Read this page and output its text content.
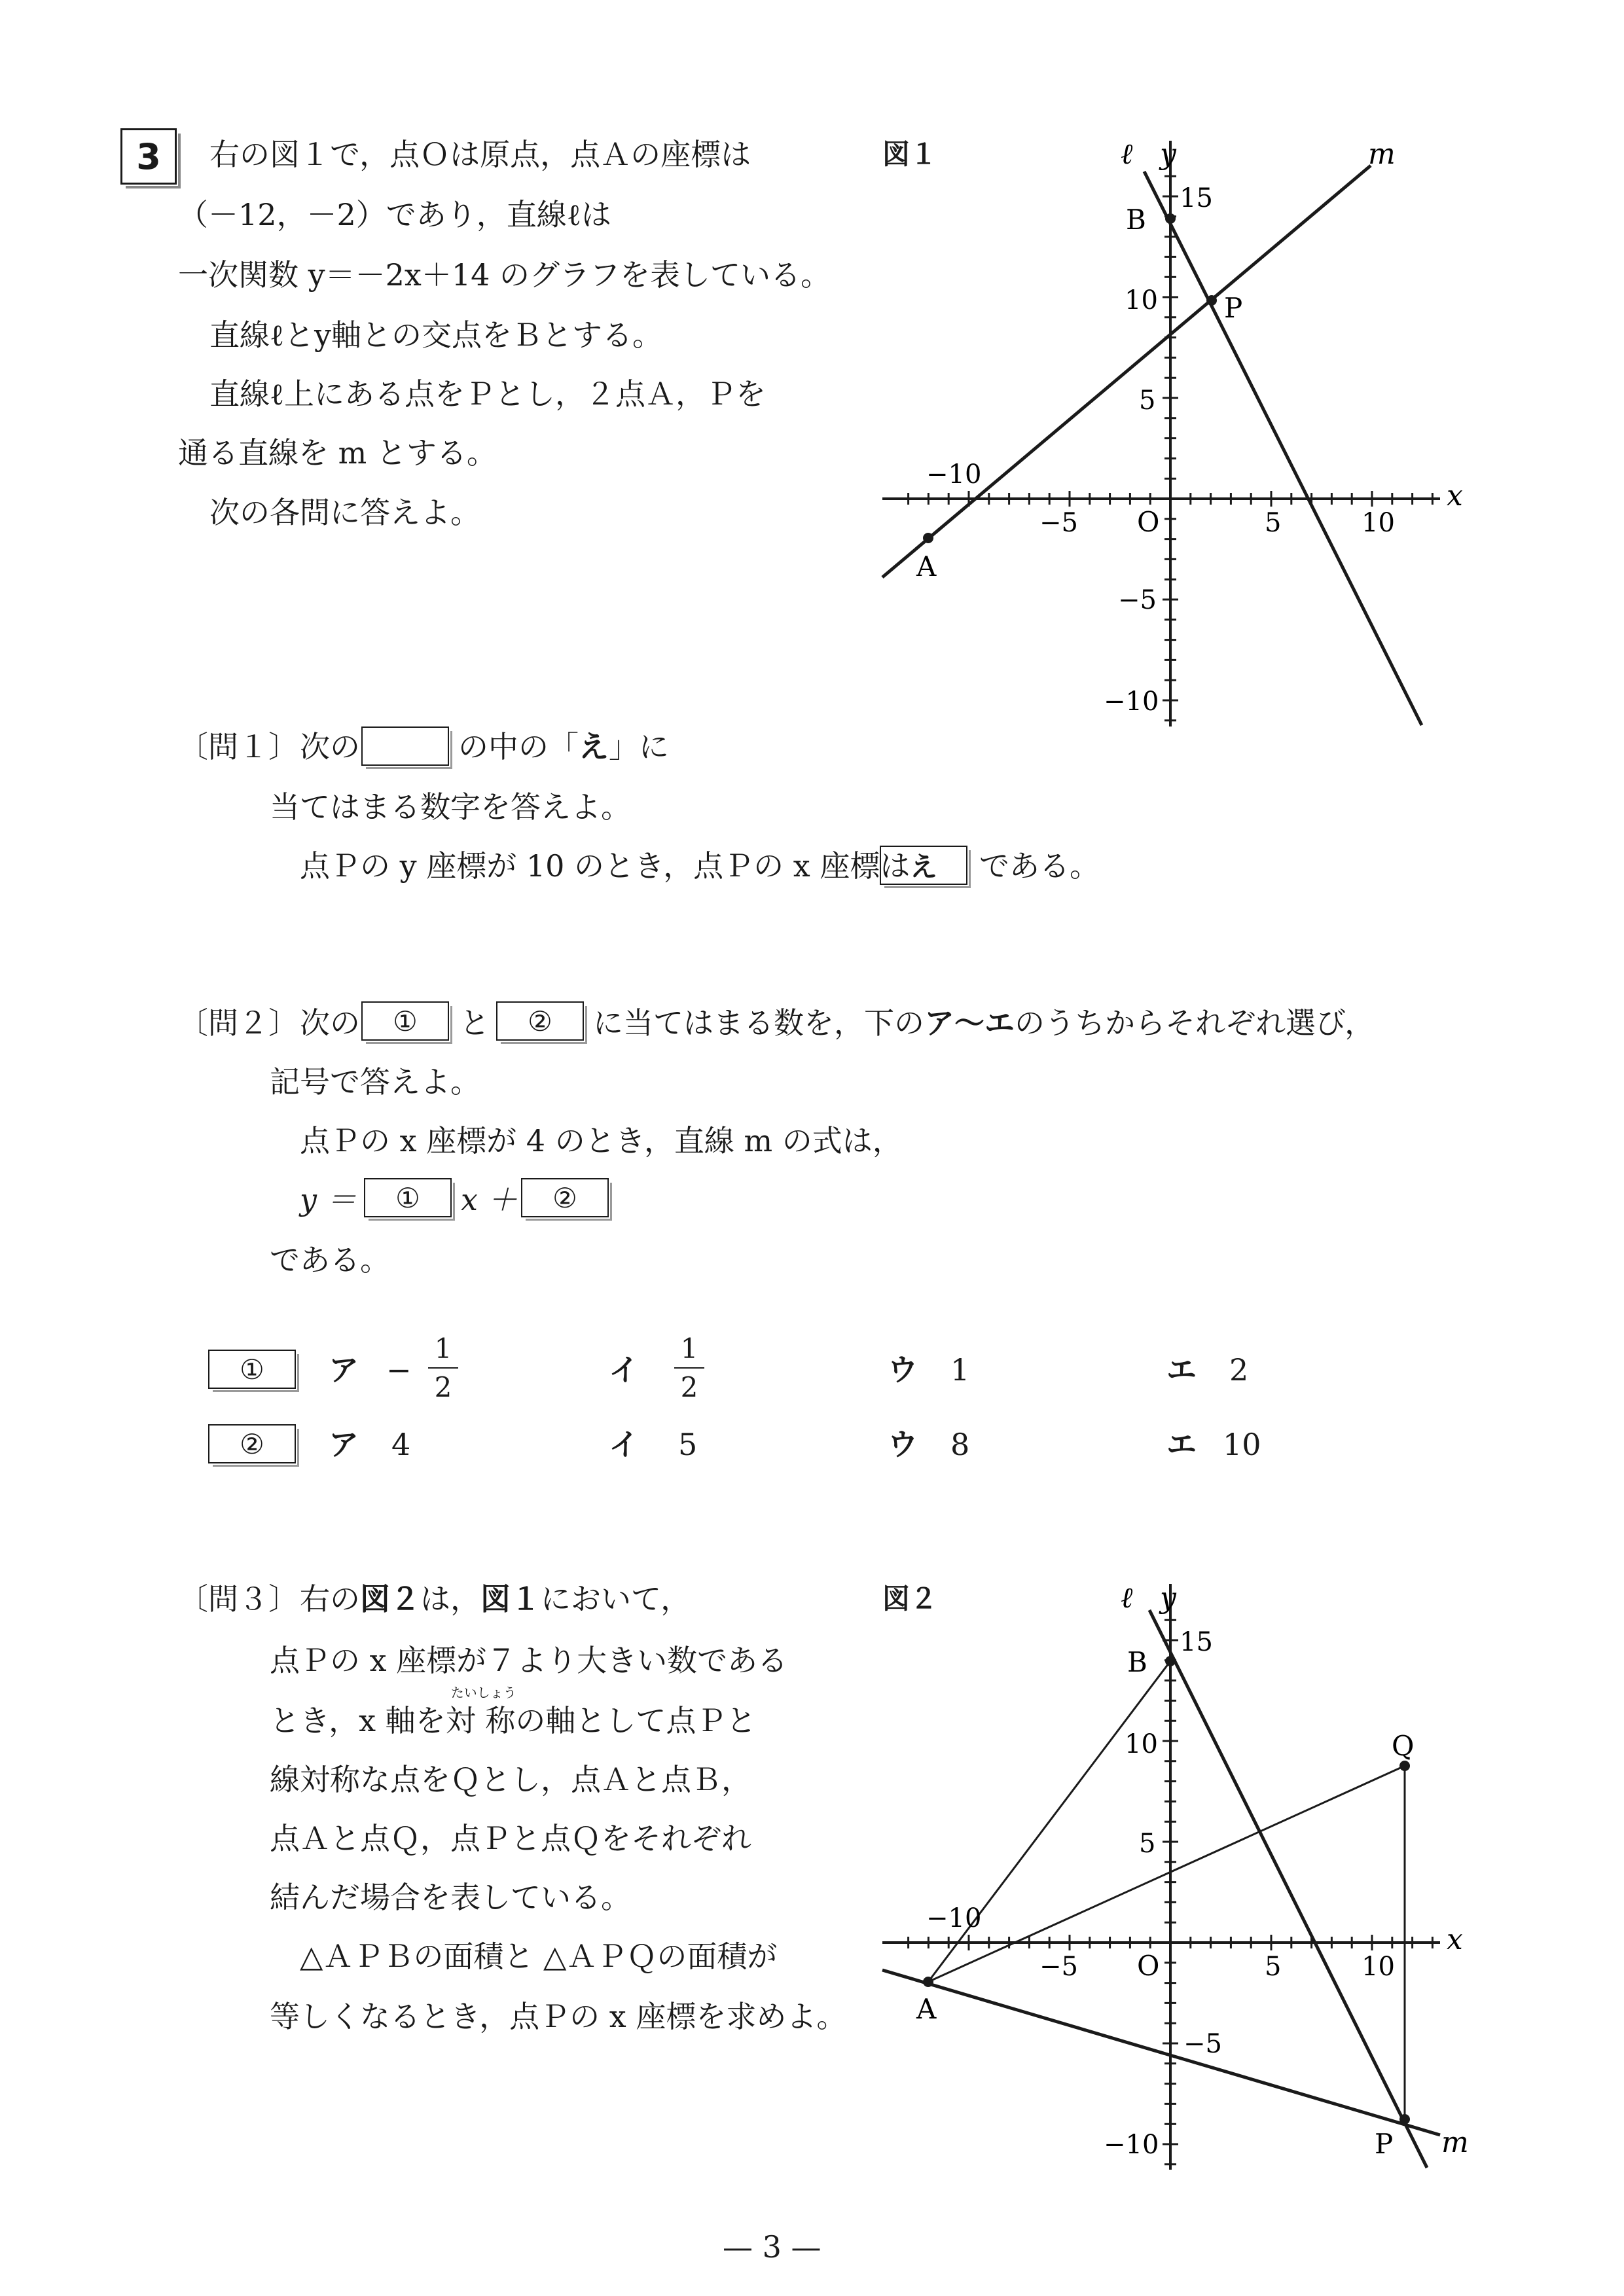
3	右の図１で，点Ｏは原点，点Ａの座標は
（－12，－2）であり，直線ℓは
一次関数 y＝－2x＋14 のグラフを表している。
直線ℓとy軸との交点をＢとする。
直線ℓ上にある点をＰとし，２点Ａ，Ｐを
通る直線を m とする。
次の各問に答えよ。
図１	ℓ y	m
x
B
P
A
O
15
10
5
−5
−10
−10
−5	5	10
〔問１〕 次の	の中の「え」に
当てはまる数字を答えよ。
点Ｐの y 座標が 10 のとき，点Ｐの x 座標は え	である。
〔問２〕 次の	①	と	②	に当てはまる数を，下のア～エのうちからそれぞれ選び，
記号で答えよ。
点Ｐの x 座標が 4 のとき，直線 m の式は，
y ＝	①	x ＋	②
である。
①	ア − $\frac{1}{2}$	イ $\frac{1}{2}$	ウ 1	エ 2
②	ア 4	イ 5	ウ 8	エ 10
〔問３〕 右の図２は，図１において，
点Ｐの x 座標が７より大きい数である
とき，x 軸を
たいしょう
対 称の軸として点Ｐと
線対称な点をＱとし，点Ａと点Ｂ，
点Ａと点Ｑ，点Ｐと点Ｑをそれぞれ
結んだ場合を表している。
△ＡＰＢの面積と △ＡＰＱの面積が
等しくなるとき，点Ｐの x 座標を求めよ。
図２	ℓ y
m
x
B
Q
P
A
O
15
10
5
−5
−10
−10
−5	5	10
— 3 —
